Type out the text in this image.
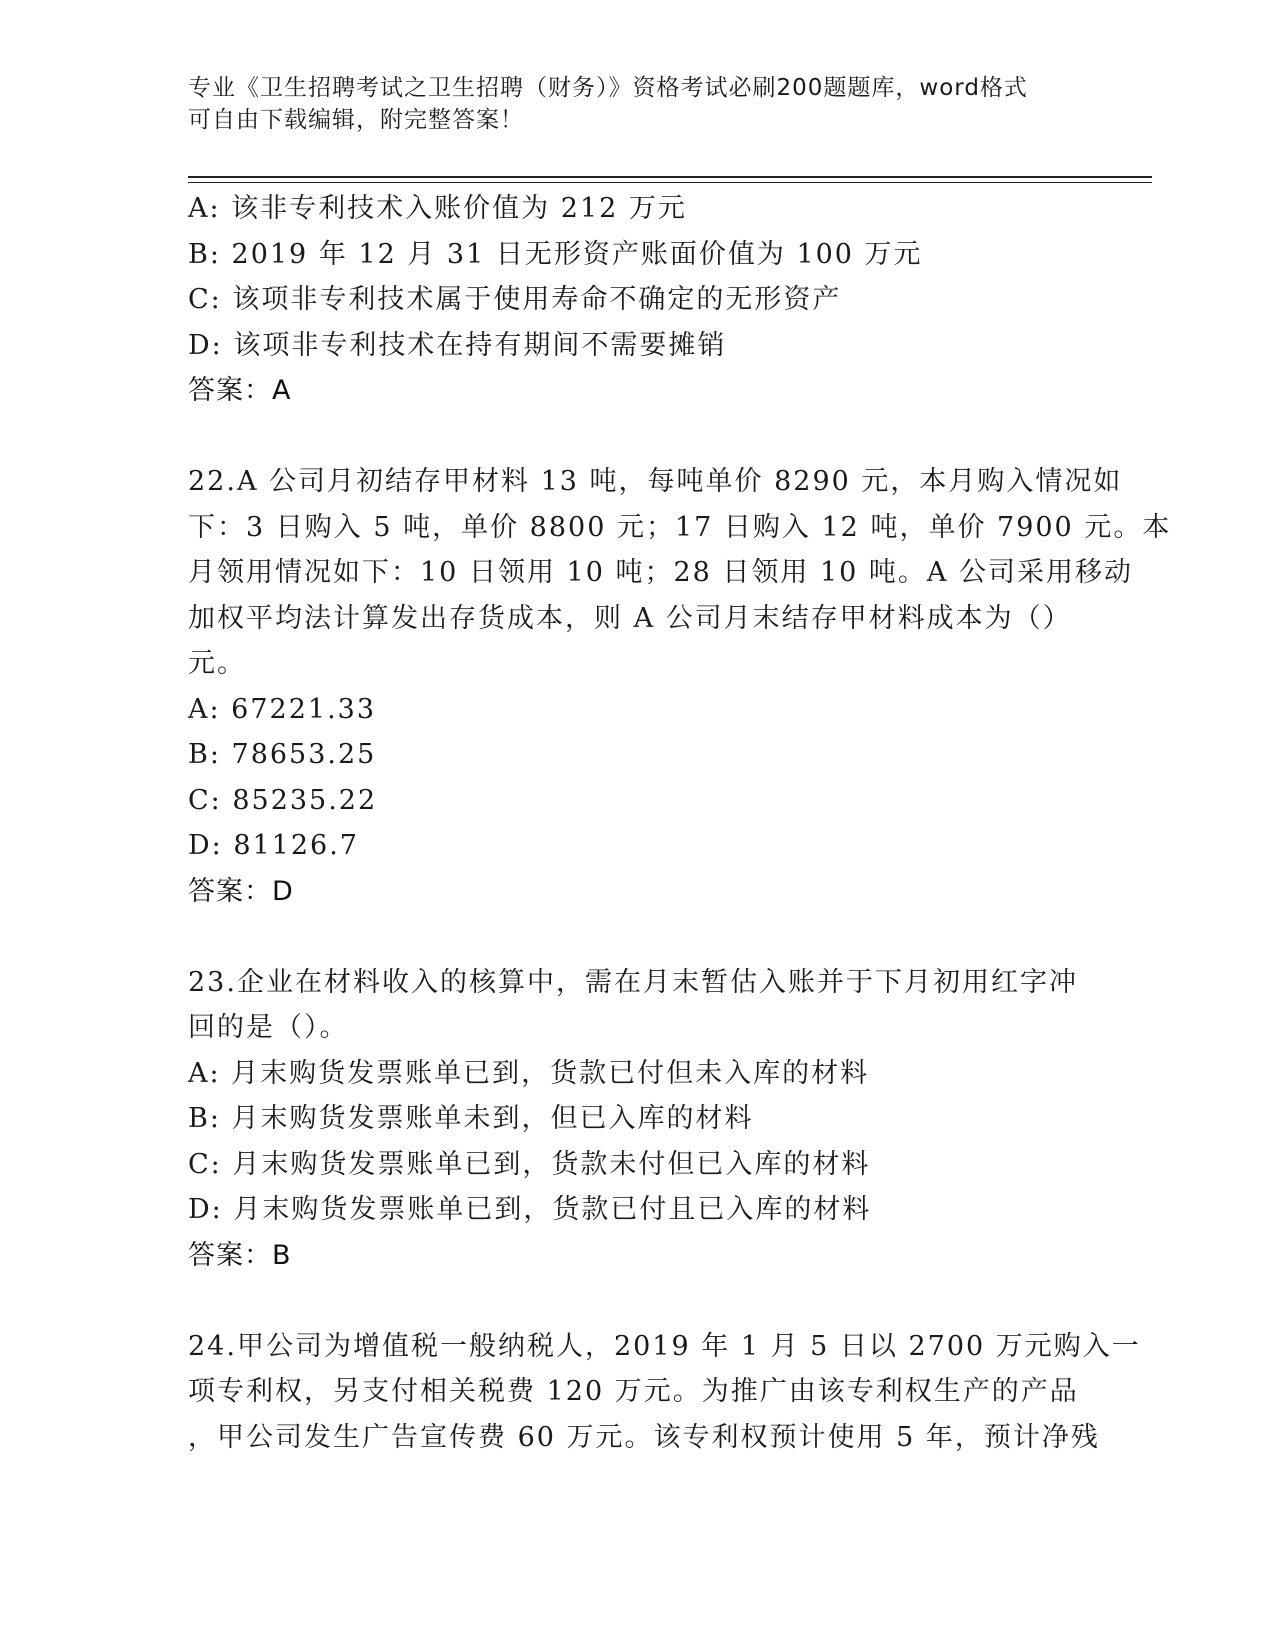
专业《卫生招聘考试之卫生招聘（财务）》资格考试必刷200题题库，word格式
可自由下载编辑，附完整答案！
A: 该非专利技术入账价值为 212 万元
B: 2019 年 12 月 31 日无形资产账面价值为 100 万元
C: 该项非专利技术属于使用寿命不确定的无形资产
D: 该项非专利技术在持有期间不需要摊销
答案：A
22.A 公司月初结存甲材料 13 吨，每吨单价 8290 元，本月购入情况如
下：3 日购入 5 吨，单价 8800 元；17 日购入 12 吨，单价 7900 元。本
月领用情况如下：10 日领用 10 吨；28 日领用 10 吨。A 公司采用移动
加权平均法计算发出存货成本，则 A 公司月末结存甲材料成本为（）
元。
A: 67221.33
B: 78653.25
C: 85235.22
D: 81126.7
答案：D
23.企业在材料收入的核算中，需在月末暂估入账并于下月初用红字冲
回的是（）。
A: 月末购货发票账单已到，货款已付但未入库的材料
B: 月末购货发票账单未到，但已入库的材料
C: 月末购货发票账单已到，货款未付但已入库的材料
D: 月末购货发票账单已到，货款已付且已入库的材料
答案：B
24.甲公司为增值税一般纳税人，2019 年 1 月 5 日以 2700 万元购入一
项专利权，另支付相关税费 120 万元。为推广由该专利权生产的产品
，甲公司发生广告宣传费 60 万元。该专利权预计使用 5 年，预计净残
